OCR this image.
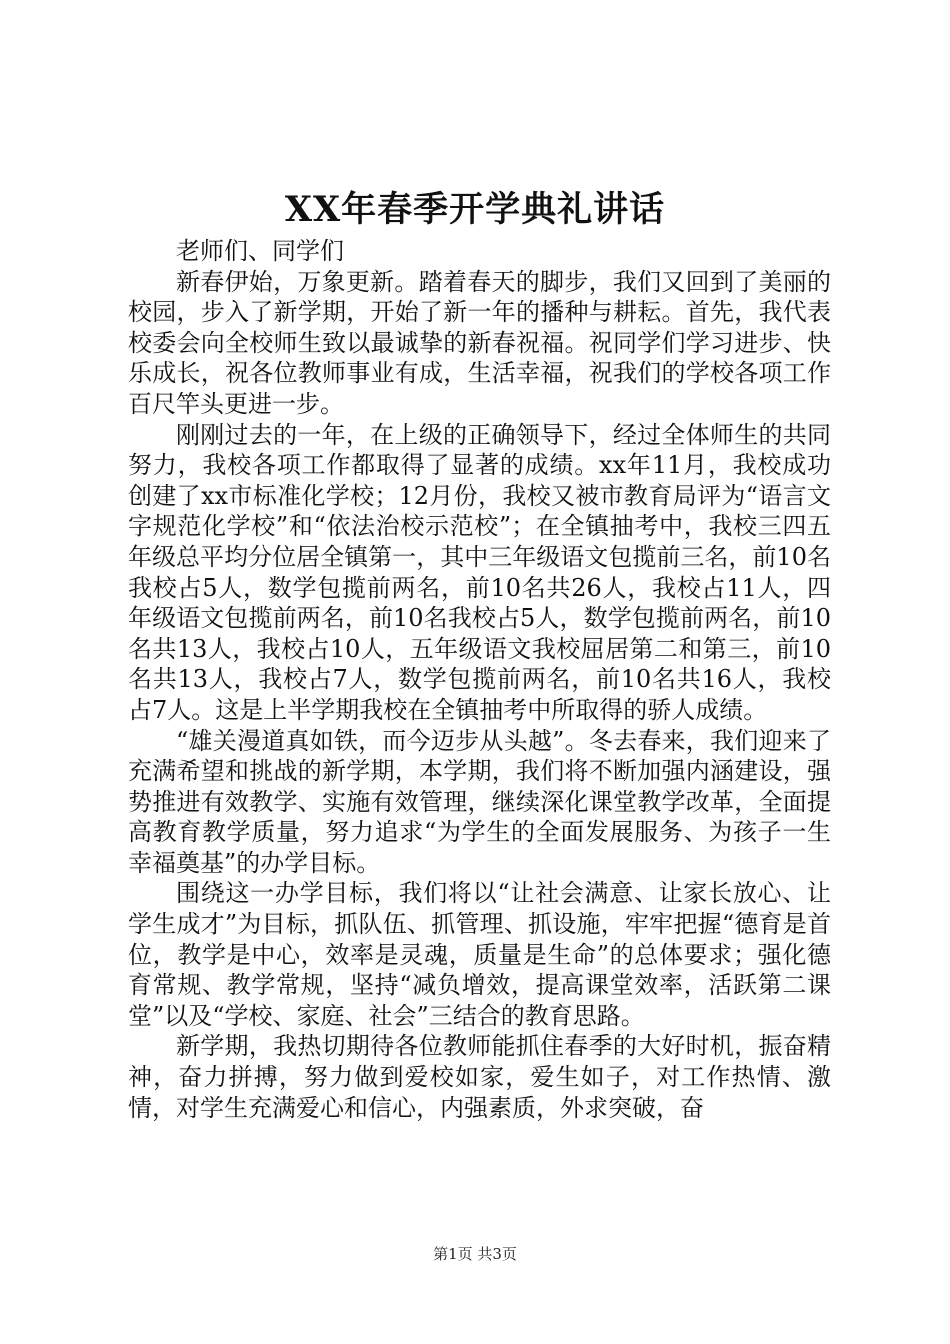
XX年春季开学典礼讲话

老师们、同学们

新春伊始，万象更新。踏着春天的脚步，我们又回到了美丽的校园，步入了新学期，开始了新一年的播种与耕耘。首先，我代表校委会向全校师生致以最诚挚的新春祝福。祝同学们学习进步、快乐成长，祝各位教师事业有成，生活幸福，祝我们的学校各项工作百尺竿头更进一步。

刚刚过去的一年，在上级的正确领导下，经过全体师生的共同努力，我校各项工作都取得了显著的成绩。xx年11月，我校成功创建了xx市标准化学校；12月份，我校又被市教育局评为“语言文字规范化学校”和“依法治校示范校”；在全镇抽考中，我校三四五年级总平均分位居全镇第一，其中三年级语文包揽前三名，前10名我校占5人，数学包揽前两名，前10名共26人，我校占11人，四年级语文包揽前两名，前10名我校占5人，数学包揽前两名，前10名共13人，我校占10人，五年级语文我校屈居第二和第三，前10名共13人，我校占7人，数学包揽前两名，前10名共16人，我校占7人。这是上半学期我校在全镇抽考中所取得的骄人成绩。

“雄关漫道真如铁，而今迈步从头越”。冬去春来，我们迎来了充满希望和挑战的新学期，本学期，我们将不断加强内涵建设，强势推进有效教学、实施有效管理，继续深化课堂教学改革，全面提高教育教学质量，努力追求“为学生的全面发展服务、为孩子一生幸福奠基”的办学目标。

围绕这一办学目标，我们将以“让社会满意、让家长放心、让学生成才”为目标，抓队伍、抓管理、抓设施，牢牢把握“德育是首位，教学是中心，效率是灵魂，质量是生命”的总体要求；强化德育常规、教学常规，坚持“减负增效，提高课堂效率，活跃第二课堂”以及“学校、家庭、社会”三结合的教育思路。

新学期，我热切期待各位教师能抓住春季的大好时机，振奋精神，奋力拼搏，努力做到爱校如家，爱生如子，对工作热情、激情，对学生充满爱心和信心，内强素质，外求突破，奋

第1页 共3页
